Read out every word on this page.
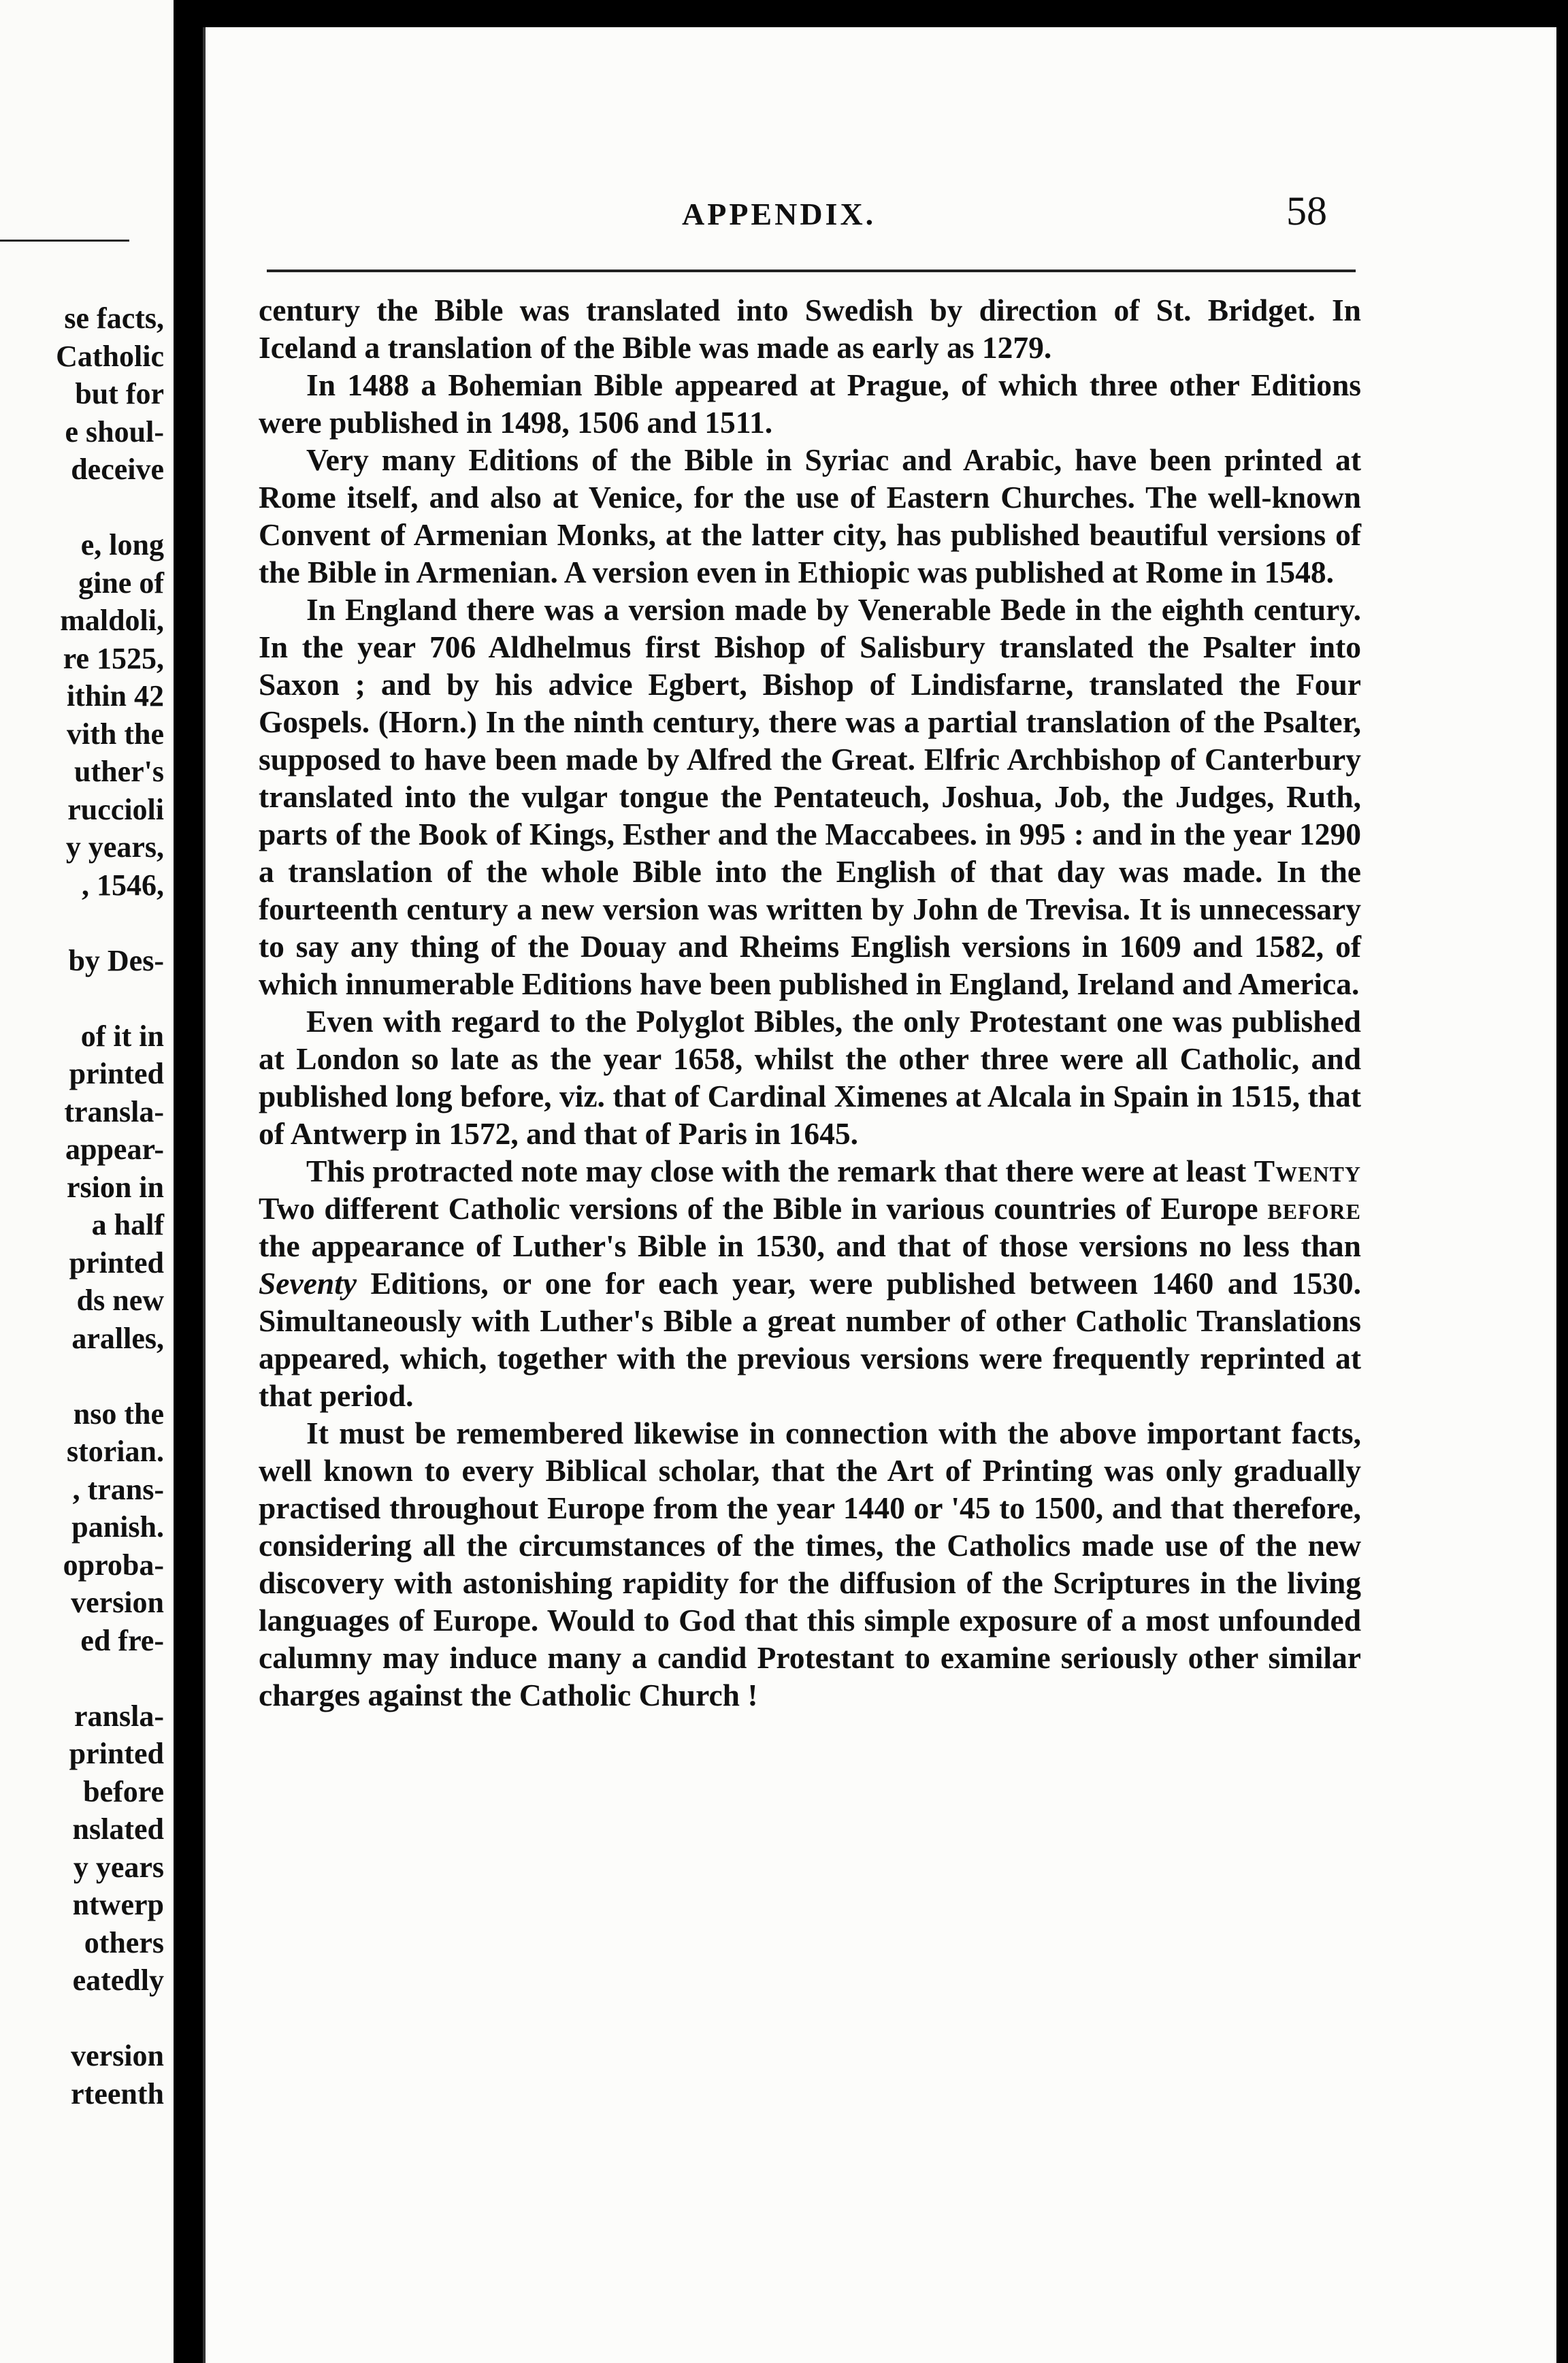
se facts,
Catholic
but for
e shoul-
deceive
e, long
gine of
maldoli,
re 1525,
ithin 42
vith the
uther's
ruccioli
y years,
, 1546,
by Des-
of it in
printed
transla-
appear-
rsion in
a half
printed
ds new
aralles,
nso the
storian.
, trans-
panish.
oproba-
version
ed fre-
ransla-
printed
before
nslated
y years
ntwerp
others
eatedly
version
rteenth
APPENDIX.	58

century the Bible was translated into Swedish by direction of St. Bridget. In Iceland a translation of the Bible was made as early as 1279.

In 1488 a Bohemian Bible appeared at Prague, of which three other Editions were published in 1498, 1506 and 1511.

Very many Editions of the Bible in Syriac and Arabic, have been printed at Rome itself, and also at Venice, for the use of Eastern Churches. The well-known Convent of Armenian Monks, at the latter city, has published beautiful versions of the Bible in Armenian. A version even in Ethiopic was published at Rome in 1548.

In England there was a version made by Venerable Bede in the eighth century. In the year 706 Aldhelmus first Bishop of Salisbury translated the Psalter into Saxon ; and by his advice Egbert, Bishop of Lindisfarne, translated the Four Gospels. (Horn.) In the ninth century, there was a partial translation of the Psalter, supposed to have been made by Alfred the Great. Elfric Archbishop of Canterbury translated into the vulgar tongue the Pentateuch, Joshua, Job, the Judges, Ruth, parts of the Book of Kings, Esther and the Maccabees. in 995 : and in the year 1290 a translation of the whole Bible into the English of that day was made. In the fourteenth century a new version was written by John de Trevisa. It is unnecessary to say any thing of the Douay and Rheims English versions in 1609 and 1582, of which innumerable Editions have been published in England, Ireland and America.

Even with regard to the Polyglot Bibles, the only Protestant one was published at London so late as the year 1658, whilst the other three were all Catholic, and published long before, viz. that of Cardinal Ximenes at Alcala in Spain in 1515, that of Antwerp in 1572, and that of Paris in 1645.

This protracted note may close with the remark that there were at least Twenty Two different Catholic versions of the Bible in various countries of Europe before the appearance of Luther's Bible in 1530, and that of those versions no less than Seventy Editions, or one for each year, were published between 1460 and 1530. Simultaneously with Luther's Bible a great number of other Catholic Translations appeared, which, together with the previous versions were frequently reprinted at that period.

It must be remembered likewise in connection with the above important facts, well known to every Biblical scholar, that the Art of Printing was only gradually practised throughout Europe from the year 1440 or '45 to 1500, and that therefore, considering all the circumstances of the times, the Catholics made use of the new discovery with astonishing rapidity for the diffusion of the Scriptures in the living languages of Europe. Would to God that this simple exposure of a most unfounded calumny may induce many a candid Protestant to examine seriously other similar charges against the Catholic Church !
